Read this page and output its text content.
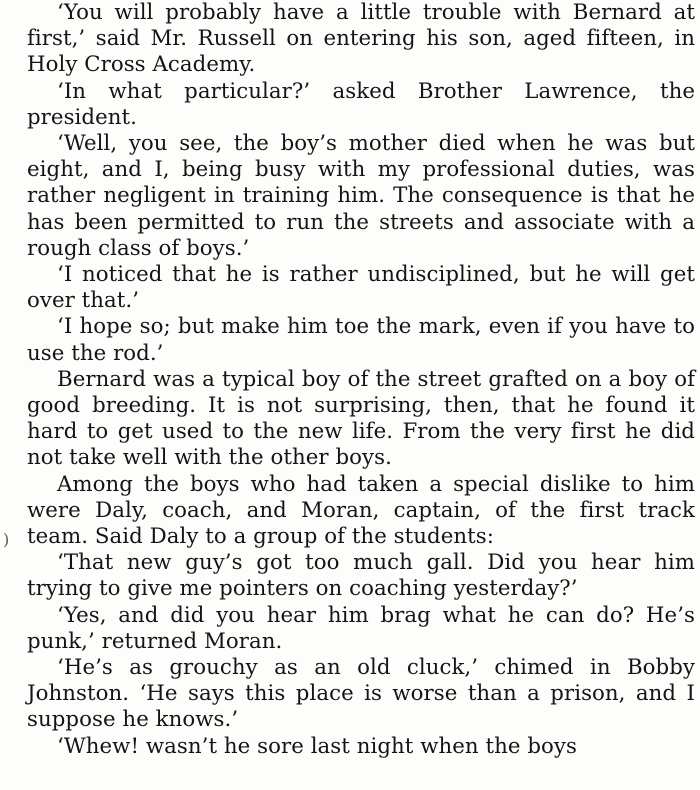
)

‘You will probably have a little trouble with Bernard at first,’ said Mr. Russell on entering his son, aged fifteen, in Holy Cross Academy.

‘In what particular?’ asked Brother Lawrence, the president.

‘Well, you see, the boy’s mother died when he was but eight, and I, being busy with my professional duties, was rather negligent in training him. The consequence is that he has been permitted to run the streets and associate with a rough class of boys.’

‘I noticed that he is rather undisciplined, but he will get over that.’

‘I hope so; but make him toe the mark, even if you have to use the rod.’

Bernard was a typical boy of the street grafted on a boy of good breeding. It is not surprising, then, that he found it hard to get used to the new life. From the very first he did not take well with the other boys.

Among the boys who had taken a special dislike to him were Daly, coach, and Moran, captain, of the first track team. Said Daly to a group of the students:

‘That new guy’s got too much gall. Did you hear him trying to give me pointers on coaching yesterday?’

‘Yes, and did you hear him brag what he can do? He’s punk,’ returned Moran.

‘He’s as grouchy as an old cluck,’ chimed in Bobby Johnston. ‘He says this place is worse than a prison, and I suppose he knows.’

‘Whew! wasn’t he sore last night when the boys
